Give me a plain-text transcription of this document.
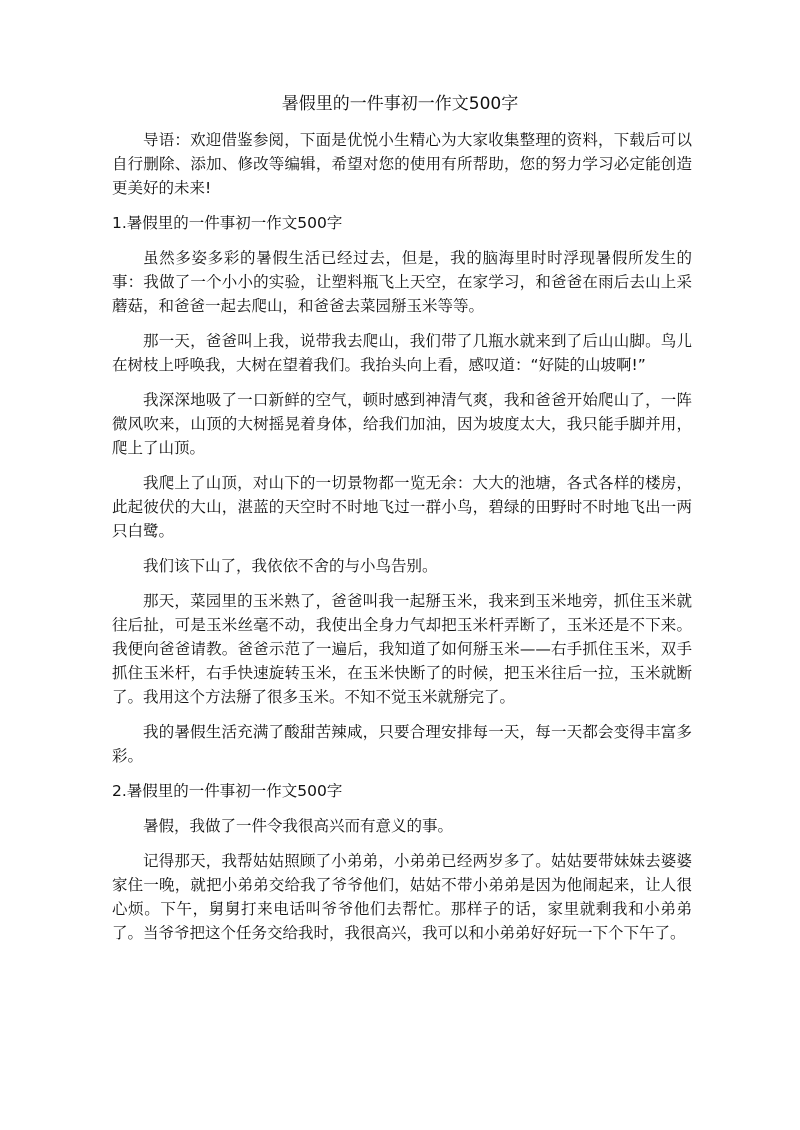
暑假里的一件事初一作文500字

导语：欢迎借鉴参阅，下面是优悦小生精心为大家收集整理的资料，下载后可以自行删除、添加、修改等编辑，希望对您的使用有所帮助，您的努力学习必定能创造更美好的未来!

1.暑假里的一件事初一作文500字

虽然多姿多彩的暑假生活已经过去，但是，我的脑海里时时浮现暑假所发生的事：我做了一个小小的实验，让塑料瓶飞上天空，在家学习，和爸爸在雨后去山上采蘑菇，和爸爸一起去爬山，和爸爸去菜园掰玉米等等。

那一天，爸爸叫上我，说带我去爬山，我们带了几瓶水就来到了后山山脚。鸟儿在树枝上呼唤我，大树在望着我们。我抬头向上看，感叹道：“好陡的山坡啊!”

我深深地吸了一口新鲜的空气，顿时感到神清气爽，我和爸爸开始爬山了，一阵微风吹来，山顶的大树摇晃着身体，给我们加油，因为坡度太大，我只能手脚并用，爬上了山顶。

我爬上了山顶，对山下的一切景物都一览无余：大大的池塘，各式各样的楼房，此起彼伏的大山，湛蓝的天空时不时地飞过一群小鸟，碧绿的田野时不时地飞出一两只白鹭。

我们该下山了，我依依不舍的与小鸟告别。

那天，菜园里的玉米熟了，爸爸叫我一起掰玉米，我来到玉米地旁，抓住玉米就往后扯，可是玉米丝毫不动，我使出全身力气却把玉米杆弄断了，玉米还是不下来。我便向爸爸请教。爸爸示范了一遍后，我知道了如何掰玉米——右手抓住玉米，双手抓住玉米杆，右手快速旋转玉米，在玉米快断了的时候，把玉米往后一拉，玉米就断了。我用这个方法掰了很多玉米。不知不觉玉米就掰完了。

我的暑假生活充满了酸甜苦辣咸，只要合理安排每一天，每一天都会变得丰富多彩。

2.暑假里的一件事初一作文500字

暑假，我做了一件令我很高兴而有意义的事。

记得那天，我帮姑姑照顾了小弟弟，小弟弟已经两岁多了。姑姑要带妹妹去婆婆家住一晚，就把小弟弟交给我了爷爷他们，姑姑不带小弟弟是因为他闹起来，让人很心烦。下午，舅舅打来电话叫爷爷他们去帮忙。那样子的话，家里就剩我和小弟弟了。当爷爷把这个任务交给我时，我很高兴，我可以和小弟弟好好玩一下个下午了。
